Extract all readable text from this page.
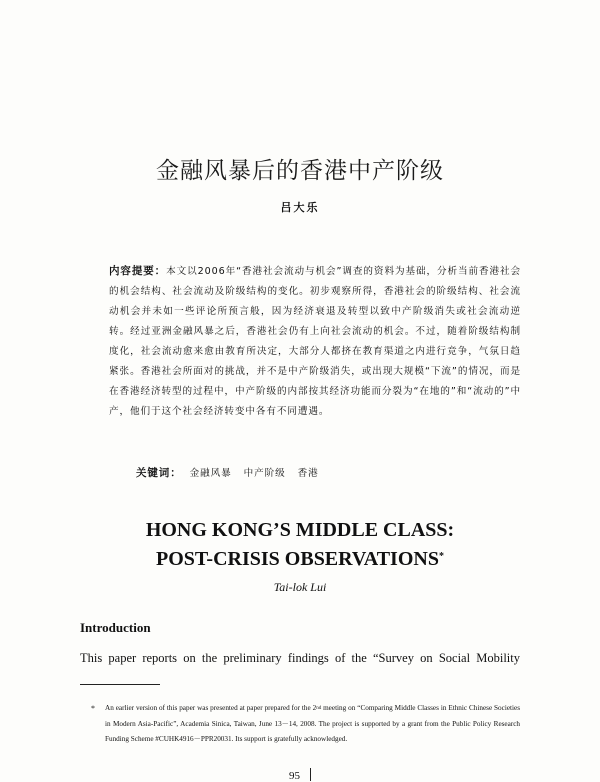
金融风暴后的香港中产阶级
吕大乐
内容提要：本文以2006年“香港社会流动与机会”调查的资料为基础，分析当前香港社会的机会结构、社会流动及阶级结构的变化。初步观察所得，香港社会的阶级结构、社会流动机会并未如一些评论所预言般，因为经济衰退及转型以致中产阶级消失或社会流动逆转。经过亚洲金融风暴之后，香港社会仍有上向社会流动的机会。不过，随着阶级结构制度化，社会流动愈来愈由教育所决定，大部分人都挤在教育渠道之内进行竞争，气氛日趋紧张。香港社会所面对的挑战，并不是中产阶级消失，或出现大规模“下流”的情况，而是在香港经济转型的过程中，中产阶级的内部按其经济功能而分裂为“在地的”和“流动的”中产，他们于这个社会经济转变中各有不同遭遇。
关键词： 金融风暴 中产阶级 香港
HONG KONG’S MIDDLE CLASS:
POST-CRISIS OBSERVATIONS*
Tai-lok Lui
Introduction
This paper reports on the preliminary findings of the “Survey on Social Mobility
* An earlier version of this paper was presented at paper prepared for the 2nd meeting on “Comparing Middle Classes in Ethnic Chinese Societies in Modern Asia-Pacific”, Academia Sinica, Taiwan, June 13－14, 2008. The project is supported by a grant from the Public Policy Research Funding Scheme #CUHK4916－PPR20031. Its support is gratefully acknowledged.
95
